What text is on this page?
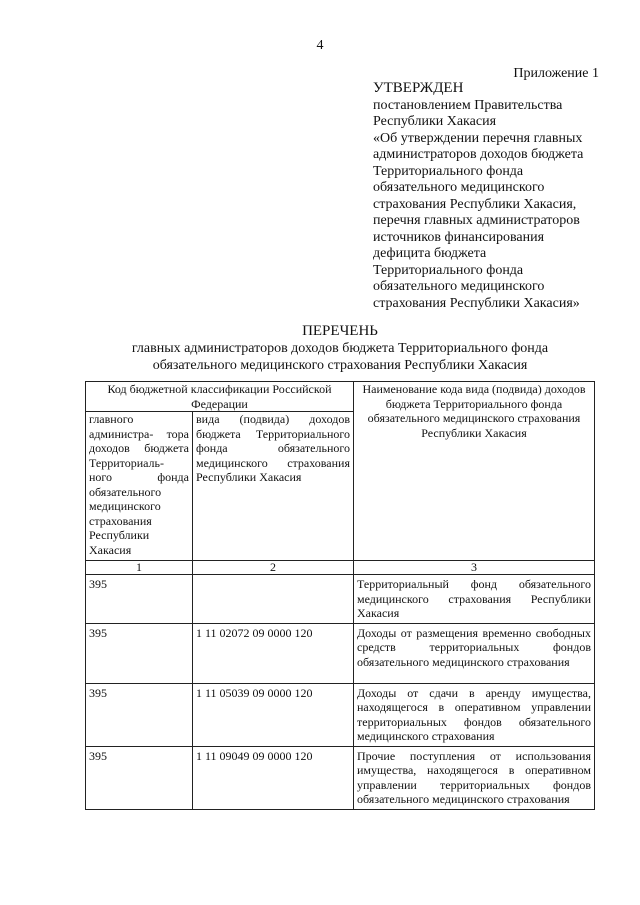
4
Приложение 1
УТВЕРЖДЕН
постановлением Правительства
Республики Хакасия
«Об утверждении перечня главных
администраторов доходов бюджета
Территориального фонда
обязательного медицинского
страхования Республики Хакасия,
перечня главных администраторов
источников финансирования
дефицита бюджета
Территориального фонда
обязательного медицинского
страхования Республики Хакасия»
ПЕРЕЧЕНЬ
главных администраторов доходов бюджета Территориального фонда
обязательного медицинского страхования Республики Хакасия
Код бюджетной классификации Российской Федерации		Наименование кода вида (подвида) доходов бюджета Территориального фонда обязательного медицинского страхования Республики Хакасия
главного администра- тора доходов бюджета Территориаль- ного фонда обязательного медицинского страхования Республики Хакасия	вида (подвида) доходов бюджета Территориального фонда обязательного медицинского страхования Республики Хакасия	
1	2	3
395		Территориальный фонд обязательного медицинского страхования Республики Хакасия
395	1 11 02072 09 0000 120	Доходы от размещения временно свободных средств территориальных фондов обязательного медицинского страхования
395	1 11 05039 09 0000 120	Доходы от сдачи в аренду имущества, находящегося в оперативном управлении территориальных фондов обязательного медицинского страхования
395	1 11 09049 09 0000 120	Прочие поступления от использования имущества, находящегося в оперативном управлении территориальных фондов обязательного медицинского страхования
